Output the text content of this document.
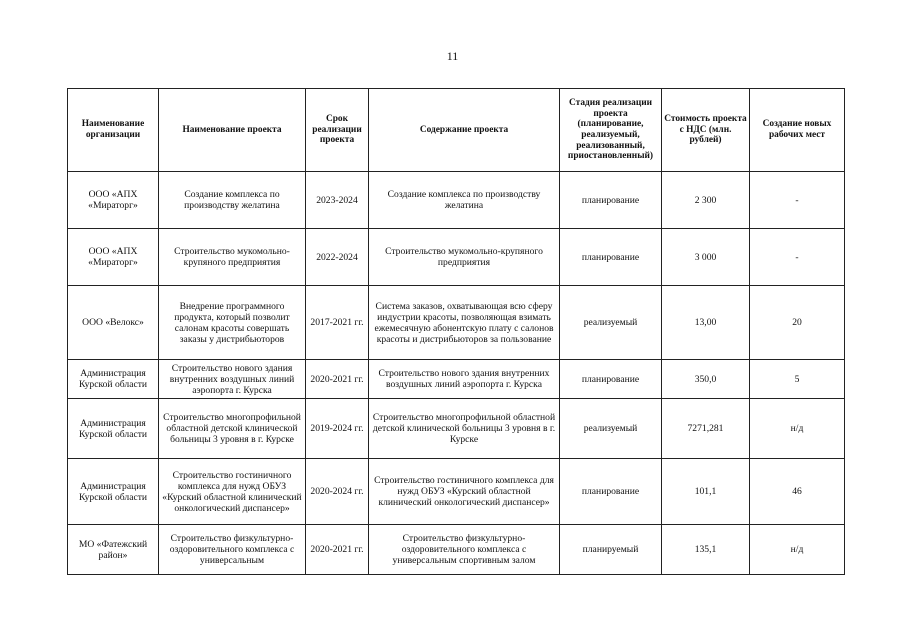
11
Наименование организации	Наименование проекта	Срок реализации проекта	Содержание проекта	Стадия реализации проекта (планирование, реализуемый, реализованный, приостановленный)	Стоимость проекта с НДС (млн. рублей)	Создание новых рабочих мест
ООО «АПХ «Мираторг»	Создание комплекса по производству желатина	2023-2024	Создание комплекса по производству желатина	планирование	2 300	-
ООО «АПХ «Мираторг»	Строительство мукомольно-крупяного предприятия	2022-2024	Строительство мукомольно-крупяного предприятия	планирование	3 000	-
ООО «Велокс»	Внедрение программного продукта, который позволит салонам красоты совершать заказы у дистрибьюторов	2017-2021 гг.	Система заказов, охватывающая всю сферу индустрии красоты, позволяющая взимать ежемесячную абонентскую плату с салонов красоты и дистрибьюторов за пользование	реализуемый	13,00	20
Администрация Курской области	Строительство нового здания внутренних воздушных линий аэропорта г. Курска	2020-2021 гг.	Строительство нового здания внутренних воздушных линий аэропорта г. Курска	планирование	350,0	5
Администрация Курской области	Строительство многопрофильной областной детской клинической больницы 3 уровня в г. Курске	2019-2024 гг.	Строительство многопрофильной областной детской клинической больницы 3 уровня в г. Курске	реализуемый	7271,281	н/д
Администрация Курской области	Строительство гостиничного комплекса для нужд ОБУЗ «Курский областной клинический онкологический диспансер»	2020-2024 гг.	Строительство гостиничного комплекса для нужд ОБУЗ «Курский областной клинический онкологический диспансер»	планирование	101,1	46
МО «Фатежский район»	Строительство физкультурно-оздоровительного комплекса с универсальным	2020-2021 гг.	Строительство физкультурно-оздоровительного комплекса с универсальным спортивным залом	планируемый	135,1	н/д
